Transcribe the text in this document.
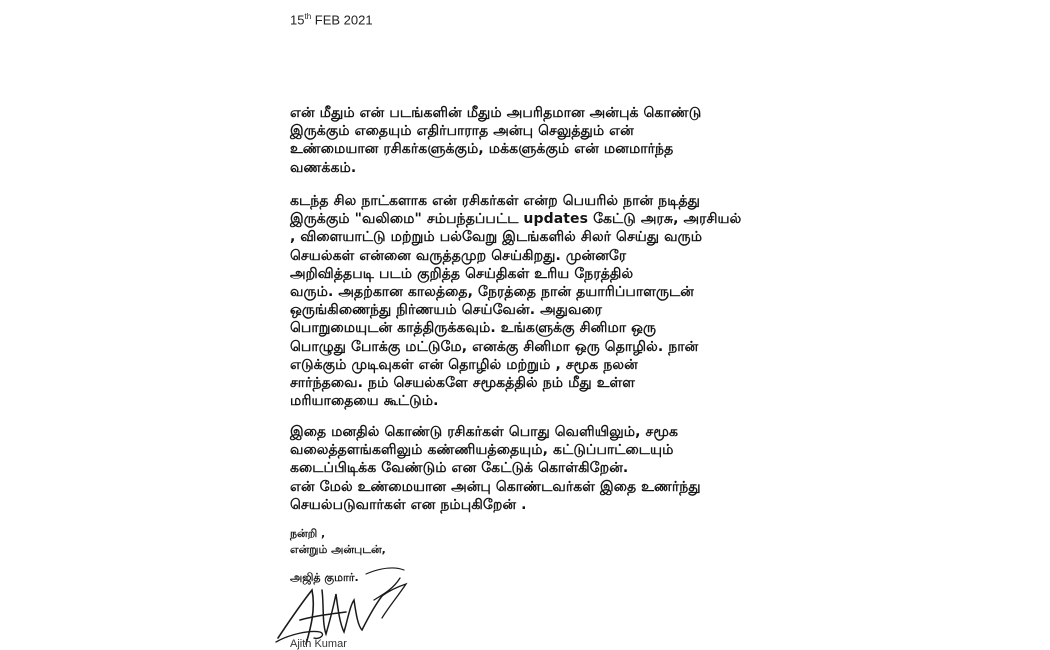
15th FEB 2021
என் மீதும் என் படங்களின் மீதும் அபரிதமான அன்புக் கொண்டு
இருக்கும் எதையும் எதிர்பாராத அன்பு செலுத்தும் என்
உண்மையான ரசிகர்களுக்கும், மக்களுக்கும் என் மனமார்ந்த
வணக்கம்.
கடந்த சில நாட்களாக என் ரசிகர்கள் என்ற பெயரில் நான் நடித்து
இருக்கும் "வலிமை" சம்பந்தப்பட்ட updates கேட்டு அரசு, அரசியல்
, விளையாட்டு மற்றும் பல்வேறு இடங்களில் சிலர் செய்து வரும்
செயல்கள் என்னை வருத்தமுற செய்கிறது. முன்னரே
அறிவித்தபடி படம் குறித்த செய்திகள் உரிய நேரத்தில்
வரும். அதற்கான காலத்தை, நேரத்தை நான் தயாரிப்பாளருடன்
ஒருங்கிணைந்து நிர்ணயம் செய்வேன். அதுவரை
பொறுமையுடன் காத்திருக்கவும். உங்களுக்கு சினிமா ஒரு
பொழுது போக்கு மட்டுமே, எனக்கு சினிமா ஒரு தொழில். நான்
எடுக்கும் முடிவுகள் என் தொழில் மற்றும் , சமூக நலன்
சார்ந்தவை. நம் செயல்களே சமூகத்தில் நம் மீது உள்ள
மரியாதையை கூட்டும்.
இதை மனதில் கொண்டு ரசிகர்கள் பொது வெளியிலும், சமூக
வலைத்தளங்களிலும் கண்ணியத்தையும், கட்டுப்பாட்டையும்
கடைப்பிடிக்க வேண்டும் என கேட்டுக் கொள்கிறேன்.
என் மேல் உண்மையான அன்பு கொண்டவர்கள் இதை உணர்ந்து
செயல்படுவார்கள் என நம்புகிறேன் .
நன்றி ,
என்றும் அன்புடன்,
அஜித் குமார்.
Ajith Kumar
